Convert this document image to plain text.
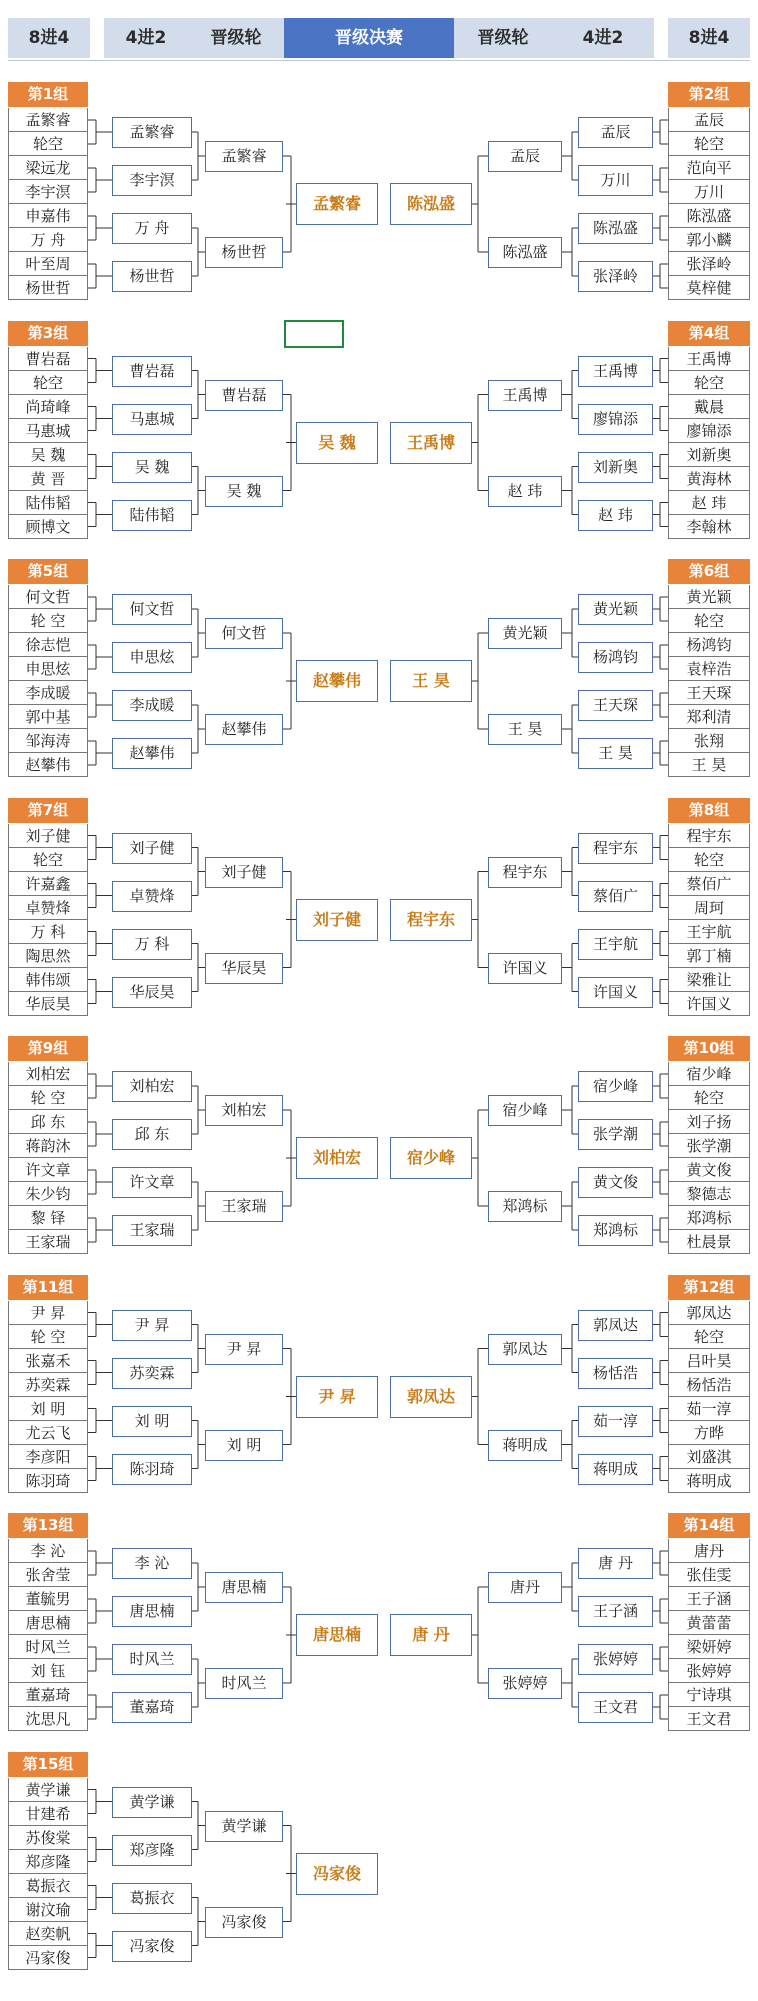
8进4	4进2	晋级轮	晋级决赛	晋级轮	4进2	8进4
第1组
孟繁睿
轮空
梁远龙
李宇溟
申嘉伟
万 舟
叶至周
杨世哲
孟繁睿
李宇溟
万 舟
杨世哲
孟繁睿
杨世哲
孟繁睿
第2组
孟辰
轮空
范向平
万川
陈泓盛
郭小麟
张泽岭
莫梓健
孟辰
万川
陈泓盛
张泽岭
孟辰
陈泓盛
陈泓盛
第3组
曹岩磊
轮空
尚琦峰
马惠城
吴 魏
黄 晋
陆伟韬
顾博文
曹岩磊
马惠城
吴 魏
陆伟韬
曹岩磊
吴 魏
吴 魏
第4组
王禹博
轮空
戴晨
廖锦添
刘新奥
黄海林
赵 玮
李翰林
王禹博
廖锦添
刘新奥
赵 玮
王禹博
赵 玮
王禹博
第5组
何文哲
轮 空
徐志恺
申思炫
李成暖
郭中基
邹海涛
赵攀伟
何文哲
申思炫
李成暖
赵攀伟
何文哲
赵攀伟
赵攀伟
第6组
黄光颖
轮空
杨鸿钧
袁梓浩
王天琛
郑利清
张翔
王 昊
黄光颖
杨鸿钧
王天琛
王 昊
黄光颖
王 昊
王 昊
第7组
刘子健
轮空
许嘉鑫
卓赞烽
万 科
陶思然
韩伟颂
华辰昊
刘子健
卓赞烽
万 科
华辰昊
刘子健
华辰昊
刘子健
第8组
程宇东
轮空
蔡佰广
周珂
王宇航
郭丁楠
梁雅让
许国义
程宇东
蔡佰广
王宇航
许国义
程宇东
许国义
程宇东
第9组
刘柏宏
轮 空
邱 东
蒋韵沐
许文章
朱少钧
黎 铎
王家瑞
刘柏宏
邱 东
许文章
王家瑞
刘柏宏
王家瑞
刘柏宏
第10组
宿少峰
轮空
刘子扬
张学潮
黄文俊
黎德志
郑鸿标
杜晨景
宿少峰
张学潮
黄文俊
郑鸿标
宿少峰
郑鸿标
宿少峰
第11组
尹 昇
轮 空
张嘉禾
苏奕霖
刘 明
尤云飞
李彦阳
陈羽琦
尹 昇
苏奕霖
刘 明
陈羽琦
尹 昇
刘 明
尹 昇
第12组
郭凤达
轮空
吕叶昊
杨恬浩
茹一淳
方晔
刘盛淇
蒋明成
郭凤达
杨恬浩
茹一淳
蒋明成
郭凤达
蒋明成
郭凤达
第13组
李 沁
张舍莹
董毓男
唐思楠
时风兰
刘 钰
董嘉琦
沈思凡
李 沁
唐思楠
时风兰
董嘉琦
唐思楠
时风兰
唐思楠
第14组
唐丹
张佳雯
王子涵
黄蕾蕾
梁妍婷
张婷婷
宁诗琪
王文君
唐 丹
王子涵
张婷婷
王文君
唐丹
张婷婷
唐 丹
第15组
黄学谦
甘建希
苏俊棠
郑彦隆
葛振衣
谢汶瑜
赵奕帆
冯家俊
黄学谦
郑彦隆
葛振衣
冯家俊
黄学谦
冯家俊
冯家俊
